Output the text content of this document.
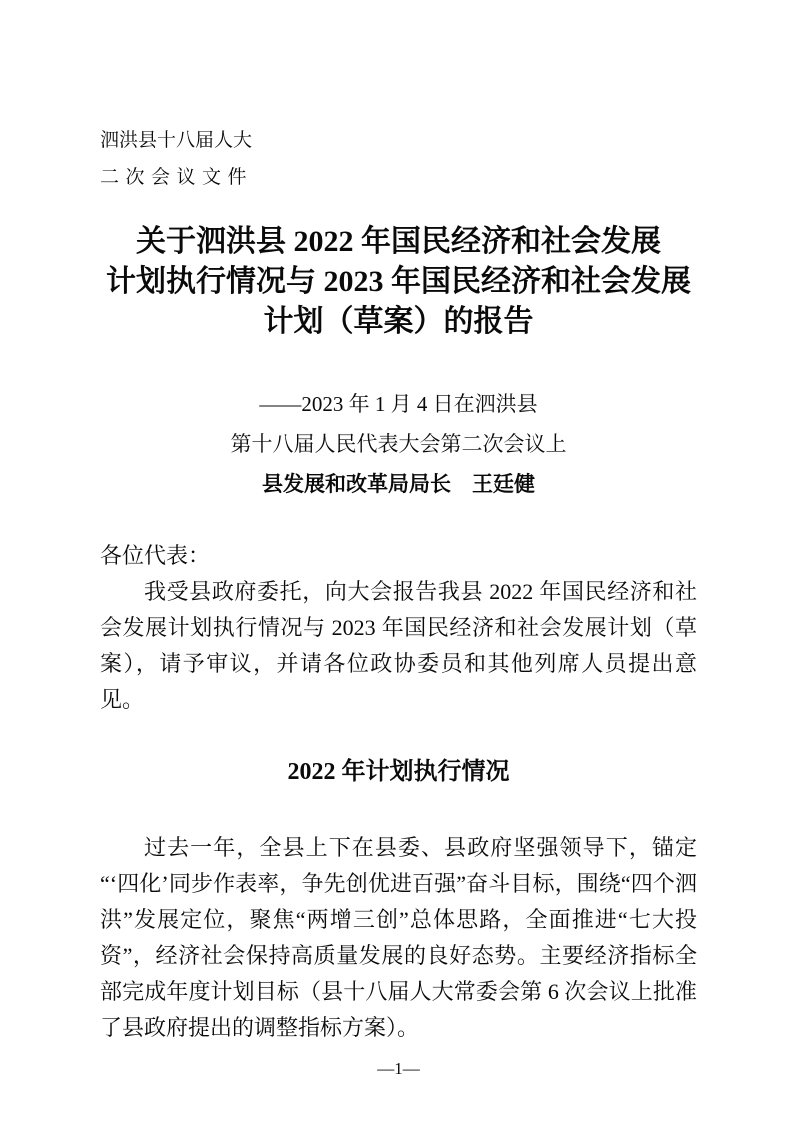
泗洪县十八届人大
二次会议文件
关于泗洪县 2022 年国民经济和社会发展
计划执行情况与 2023 年国民经济和社会发展
计划（草案）的报告
——2023 年 1 月 4 日在泗洪县
第十八届人民代表大会第二次会议上
县发展和改革局局长　王廷健

各位代表：

我受县政府委托，向大会报告我县 2022 年国民经济和社会发展计划执行情况与 2023 年国民经济和社会发展计划（草案），请予审议，并请各位政协委员和其他列席人员提出意见。

2022 年计划执行情况

过去一年，全县上下在县委、县政府坚强领导下，锚定“‘四化’同步作表率，争先创优进百强”奋斗目标，围绕“四个泗洪”发展定位，聚焦“两增三创”总体思路，全面推进“七大投资”，经济社会保持高质量发展的良好态势。主要经济指标全部完成年度计划目标（县十八届人大常委会第 6 次会议上批准了县政府提出的调整指标方案）。

—1—
